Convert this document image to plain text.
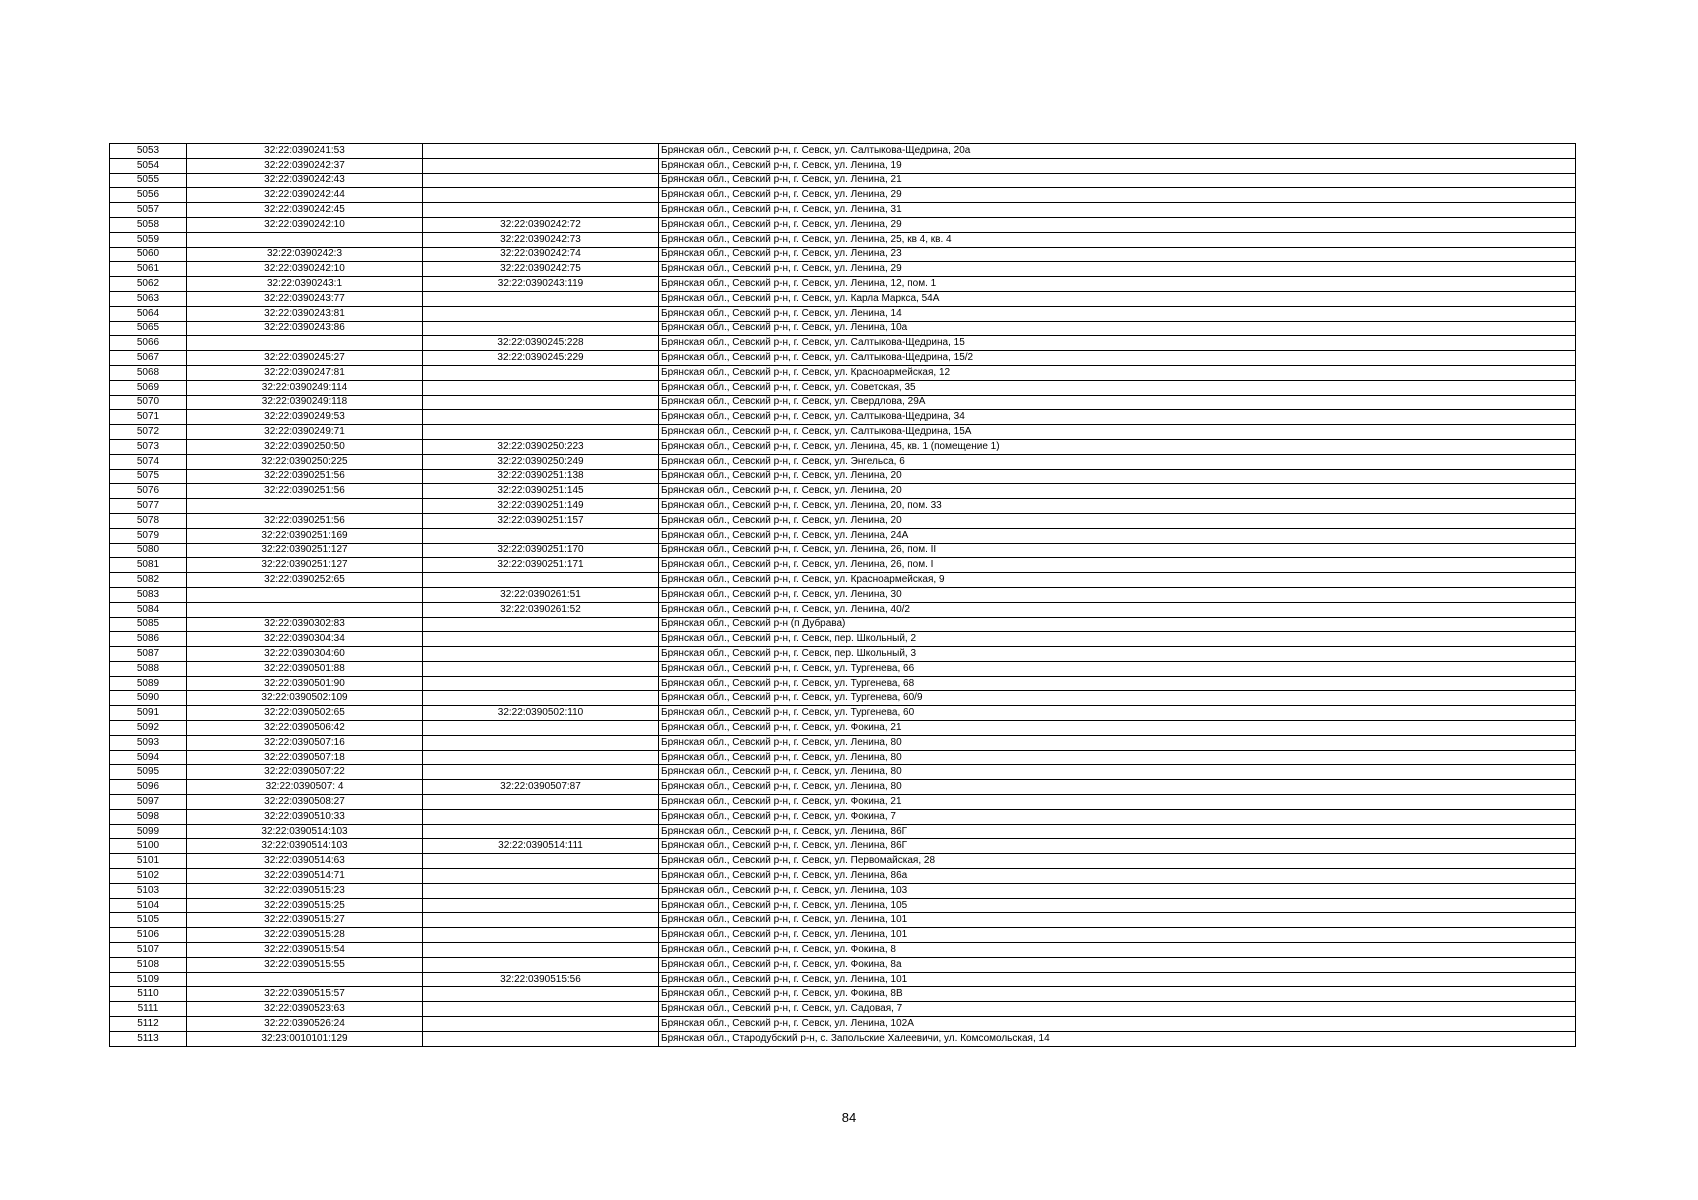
5053	32:22:0390241:53		Брянская обл., Севский р-н, г. Севск, ул. Салтыкова-Щедрина, 20а
5054	32:22:0390242:37		Брянская обл., Севский р-н, г. Севск, ул. Ленина, 19
5055	32:22:0390242:43		Брянская обл., Севский р-н, г. Севск, ул. Ленина, 21
5056	32:22:0390242:44		Брянская обл., Севский р-н, г. Севск, ул. Ленина, 29
5057	32:22:0390242:45		Брянская обл., Севский р-н, г. Севск, ул. Ленина, 31
5058	32:22:0390242:10	32:22:0390242:72	Брянская обл., Севский р-н, г. Севск, ул. Ленина, 29
5059		32:22:0390242:73	Брянская обл., Севский р-н, г. Севск, ул. Ленина, 25, кв 4, кв. 4
5060	32:22:0390242:3	32:22:0390242:74	Брянская обл., Севский р-н, г. Севск, ул. Ленина, 23
5061	32:22:0390242:10	32:22:0390242:75	Брянская обл., Севский р-н, г. Севск, ул. Ленина, 29
5062	32:22:0390243:1	32:22:0390243:119	Брянская обл., Севский р-н, г. Севск, ул. Ленина, 12, пом. 1
5063	32:22:0390243:77		Брянская обл., Севский р-н, г. Севск, ул. Карла Маркса, 54А
5064	32:22:0390243:81		Брянская обл., Севский р-н, г. Севск, ул. Ленина, 14
5065	32:22:0390243:86		Брянская обл., Севский р-н, г. Севск, ул. Ленина, 10а
5066		32:22:0390245:228	Брянская обл., Севский р-н, г. Севск, ул. Салтыкова-Щедрина, 15
5067	32:22:0390245:27	32:22:0390245:229	Брянская обл., Севский р-н, г. Севск, ул. Салтыкова-Щедрина, 15/2
5068	32:22:0390247:81		Брянская обл., Севский р-н, г. Севск, ул. Красноармейская, 12
5069	32:22:0390249:114		Брянская обл., Севский р-н, г. Севск, ул. Советская, 35
5070	32:22:0390249:118		Брянская обл., Севский р-н, г. Севск, ул. Свердлова, 29А
5071	32:22:0390249:53		Брянская обл., Севский р-н, г. Севск, ул. Салтыкова-Щедрина, 34
5072	32:22:0390249:71		Брянская обл., Севский р-н, г. Севск, ул. Салтыкова-Щедрина, 15А
5073	32:22:0390250:50	32:22:0390250:223	Брянская обл., Севский р-н, г. Севск, ул. Ленина, 45, кв. 1 (помещение 1)
5074	32:22:0390250:225	32:22:0390250:249	Брянская обл., Севский р-н, г. Севск, ул. Энгельса, 6
5075	32:22:0390251:56	32:22:0390251:138	Брянская обл., Севский р-н, г. Севск, ул. Ленина, 20
5076	32:22:0390251:56	32:22:0390251:145	Брянская обл., Севский р-н, г. Севск, ул. Ленина, 20
5077		32:22:0390251:149	Брянская обл., Севский р-н, г. Севск, ул. Ленина, 20, пом. 33
5078	32:22:0390251:56	32:22:0390251:157	Брянская обл., Севский р-н, г. Севск, ул. Ленина, 20
5079	32:22:0390251:169		Брянская обл., Севский р-н, г. Севск, ул. Ленина, 24А
5080	32:22:0390251:127	32:22:0390251:170	Брянская обл., Севский р-н, г. Севск, ул. Ленина, 26, пом. II
5081	32:22:0390251:127	32:22:0390251:171	Брянская обл., Севский р-н, г. Севск, ул. Ленина, 26, пом. I
5082	32:22:0390252:65		Брянская обл., Севский р-н, г. Севск, ул. Красноармейская, 9
5083		32:22:0390261:51	Брянская обл., Севский р-н, г. Севск, ул. Ленина, 30
5084		32:22:0390261:52	Брянская обл., Севский р-н, г. Севск, ул. Ленина, 40/2
5085	32:22:0390302:83		Брянская обл., Севский р-н (п Дубрава)
5086	32:22:0390304:34		Брянская обл., Севский р-н, г. Севск, пер. Школьный, 2
5087	32:22:0390304:60		Брянская обл., Севский р-н, г. Севск, пер. Школьный, 3
5088	32:22:0390501:88		Брянская обл., Севский р-н, г. Севск, ул. Тургенева, 66
5089	32:22:0390501:90		Брянская обл., Севский р-н, г. Севск, ул. Тургенева, 68
5090	32:22:0390502:109		Брянская обл., Севский р-н, г. Севск, ул. Тургенева, 60/9
5091	32:22:0390502:65	32:22:0390502:110	Брянская обл., Севский р-н, г. Севск, ул. Тургенева, 60
5092	32:22:0390506:42		Брянская обл., Севский р-н, г. Севск, ул. Фокина, 21
5093	32:22:0390507:16		Брянская обл., Севский р-н, г. Севск, ул. Ленина, 80
5094	32:22:0390507:18		Брянская обл., Севский р-н, г. Севск, ул. Ленина, 80
5095	32:22:0390507:22		Брянская обл., Севский р-н, г. Севск, ул. Ленина, 80
5096	32:22:0390507: 4	32:22:0390507:87	Брянская обл., Севский р-н, г. Севск, ул. Ленина, 80
5097	32:22:0390508:27		Брянская обл., Севский р-н, г. Севск, ул. Фокина, 21
5098	32:22:0390510:33		Брянская обл., Севский р-н, г. Севск, ул. Фокина, 7
5099	32:22:0390514:103		Брянская обл., Севский р-н, г. Севск, ул. Ленина, 86Г
5100	32:22:0390514:103	32:22:0390514:111	Брянская обл., Севский р-н, г. Севск, ул. Ленина, 86Г
5101	32:22:0390514:63		Брянская обл., Севский р-н, г. Севск, ул. Первомайская, 28
5102	32:22:0390514:71		Брянская обл., Севский р-н, г. Севск, ул. Ленина, 86а
5103	32:22:0390515:23		Брянская обл., Севский р-н, г. Севск, ул. Ленина, 103
5104	32:22:0390515:25		Брянская обл., Севский р-н, г. Севск, ул. Ленина, 105
5105	32:22:0390515:27		Брянская обл., Севский р-н, г. Севск, ул. Ленина, 101
5106	32:22:0390515:28		Брянская обл., Севский р-н, г. Севск, ул. Ленина, 101
5107	32:22:0390515:54		Брянская обл., Севский р-н, г. Севск, ул. Фокина, 8
5108	32:22:0390515:55		Брянская обл., Севский р-н, г. Севск, ул. Фокина, 8а
5109		32:22:0390515:56	Брянская обл., Севский р-н, г. Севск, ул. Ленина, 101
5110	32:22:0390515:57		Брянская обл., Севский р-н, г. Севск, ул. Фокина, 8В
5111	32:22:0390523:63		Брянская обл., Севский р-н, г. Севск, ул. Садовая, 7
5112	32:22:0390526:24		Брянская обл., Севский р-н, г. Севск, ул. Ленина, 102А
5113	32:23:0010101:129		Брянская обл., Стародубский р-н, с. Запольские Халеевичи, ул. Комсомольская, 14
84
